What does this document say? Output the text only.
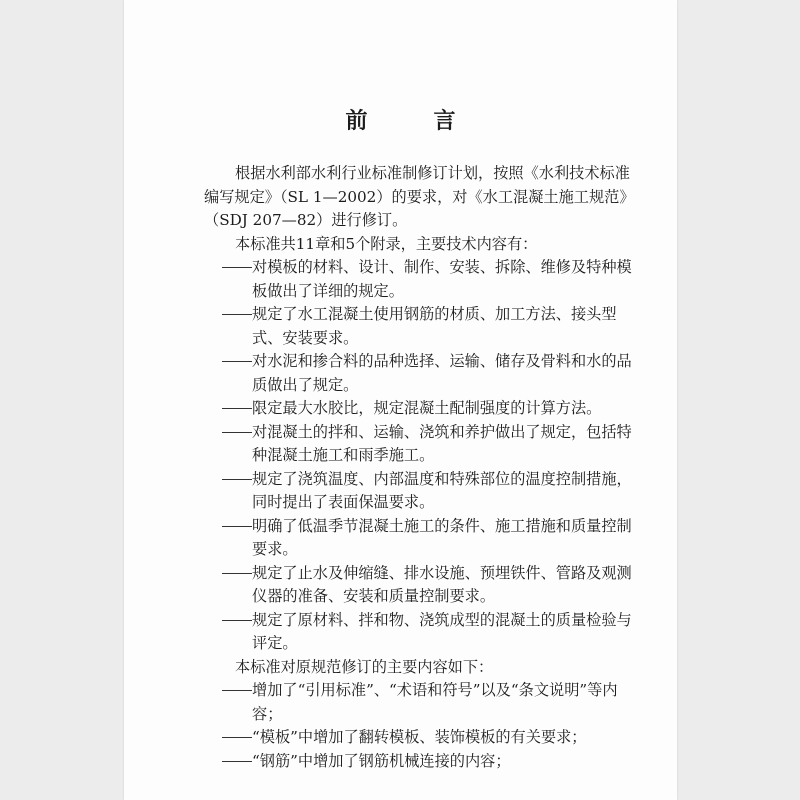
前　言

根据水利部水利行业标准制修订计划，按照《水利技术标准编写规定》（SL 1—2002）的要求，对《水工混凝土施工规范》（SDJ 207—82）进行修订。

本标准共11章和5个附录，主要技术内容有：

对模板的材料、设计、制作、安装、拆除、维修及特种模板做出了详细的规定。
规定了水工混凝土使用钢筋的材质、加工方法、接头型式、安装要求。
对水泥和掺合料的品种选择、运输、储存及骨料和水的品质做出了规定。
限定最大水胶比，规定混凝土配制强度的计算方法。
对混凝土的拌和、运输、浇筑和养护做出了规定，包括特种混凝土施工和雨季施工。
规定了浇筑温度、内部温度和特殊部位的温度控制措施，同时提出了表面保温要求。
明确了低温季节混凝土施工的条件、施工措施和质量控制要求。
规定了止水及伸缩缝、排水设施、预埋铁件、管路及观测仪器的准备、安装和质量控制要求。
规定了原材料、拌和物、浇筑成型的混凝土的质量检验与评定。

本标准对原规范修订的主要内容如下：

增加了“引用标准”、“术语和符号”以及“条文说明”等内容；
“模板”中增加了翻转模板、装饰模板的有关要求；
“钢筋”中增加了钢筋机械连接的内容；
